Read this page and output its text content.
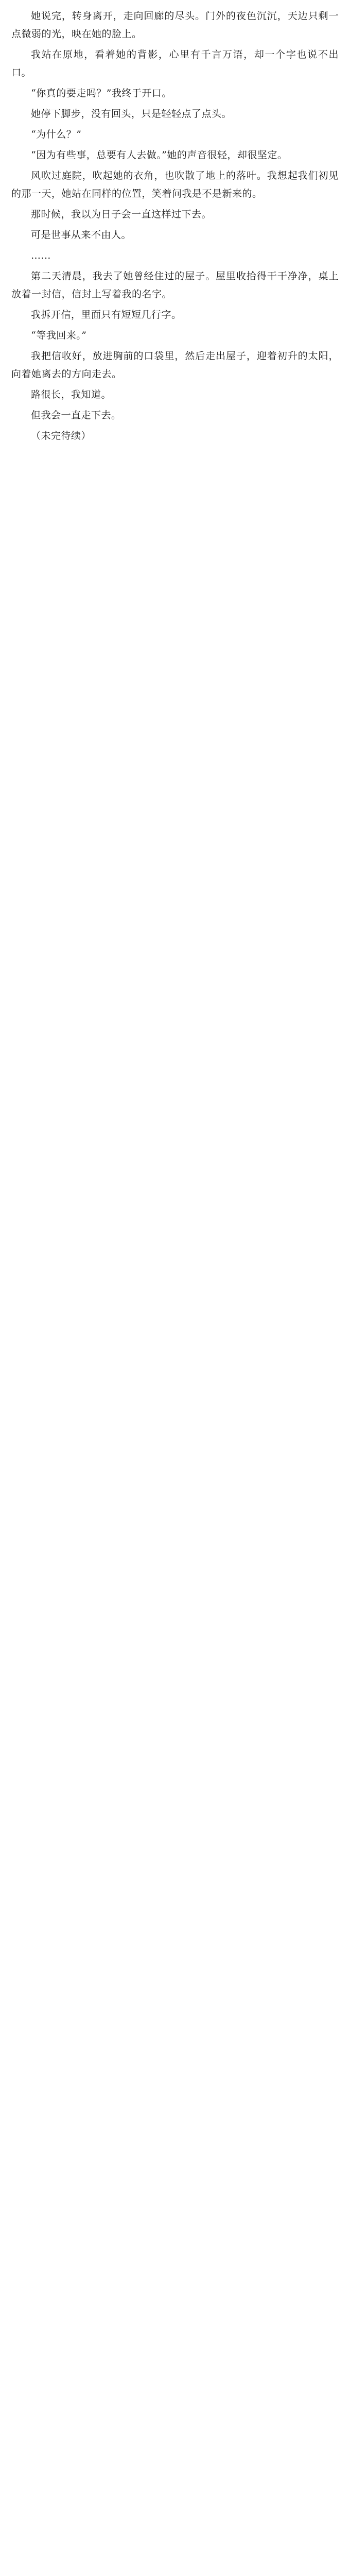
她说完，转身离开，走向回廊的尽头。门外的夜色沉沉，天边只剩一点微弱的光，映在她的脸上。

我站在原地，看着她的背影，心里有千言万语，却一个字也说不出口。

“你真的要走吗？”我终于开口。

她停下脚步，没有回头，只是轻轻点了点头。

“为什么？”

“因为有些事，总要有人去做。”她的声音很轻，却很坚定。

风吹过庭院，吹起她的衣角，也吹散了地上的落叶。我想起我们初见的那一天，她站在同样的位置，笑着问我是不是新来的。

那时候，我以为日子会一直这样过下去。

可是世事从来不由人。

……

第二天清晨，我去了她曾经住过的屋子。屋里收拾得干干净净，桌上放着一封信，信封上写着我的名字。

我拆开信，里面只有短短几行字。

“等我回来。”

我把信收好，放进胸前的口袋里，然后走出屋子，迎着初升的太阳，向着她离去的方向走去。

路很长，我知道。

但我会一直走下去。

（未完待续）
